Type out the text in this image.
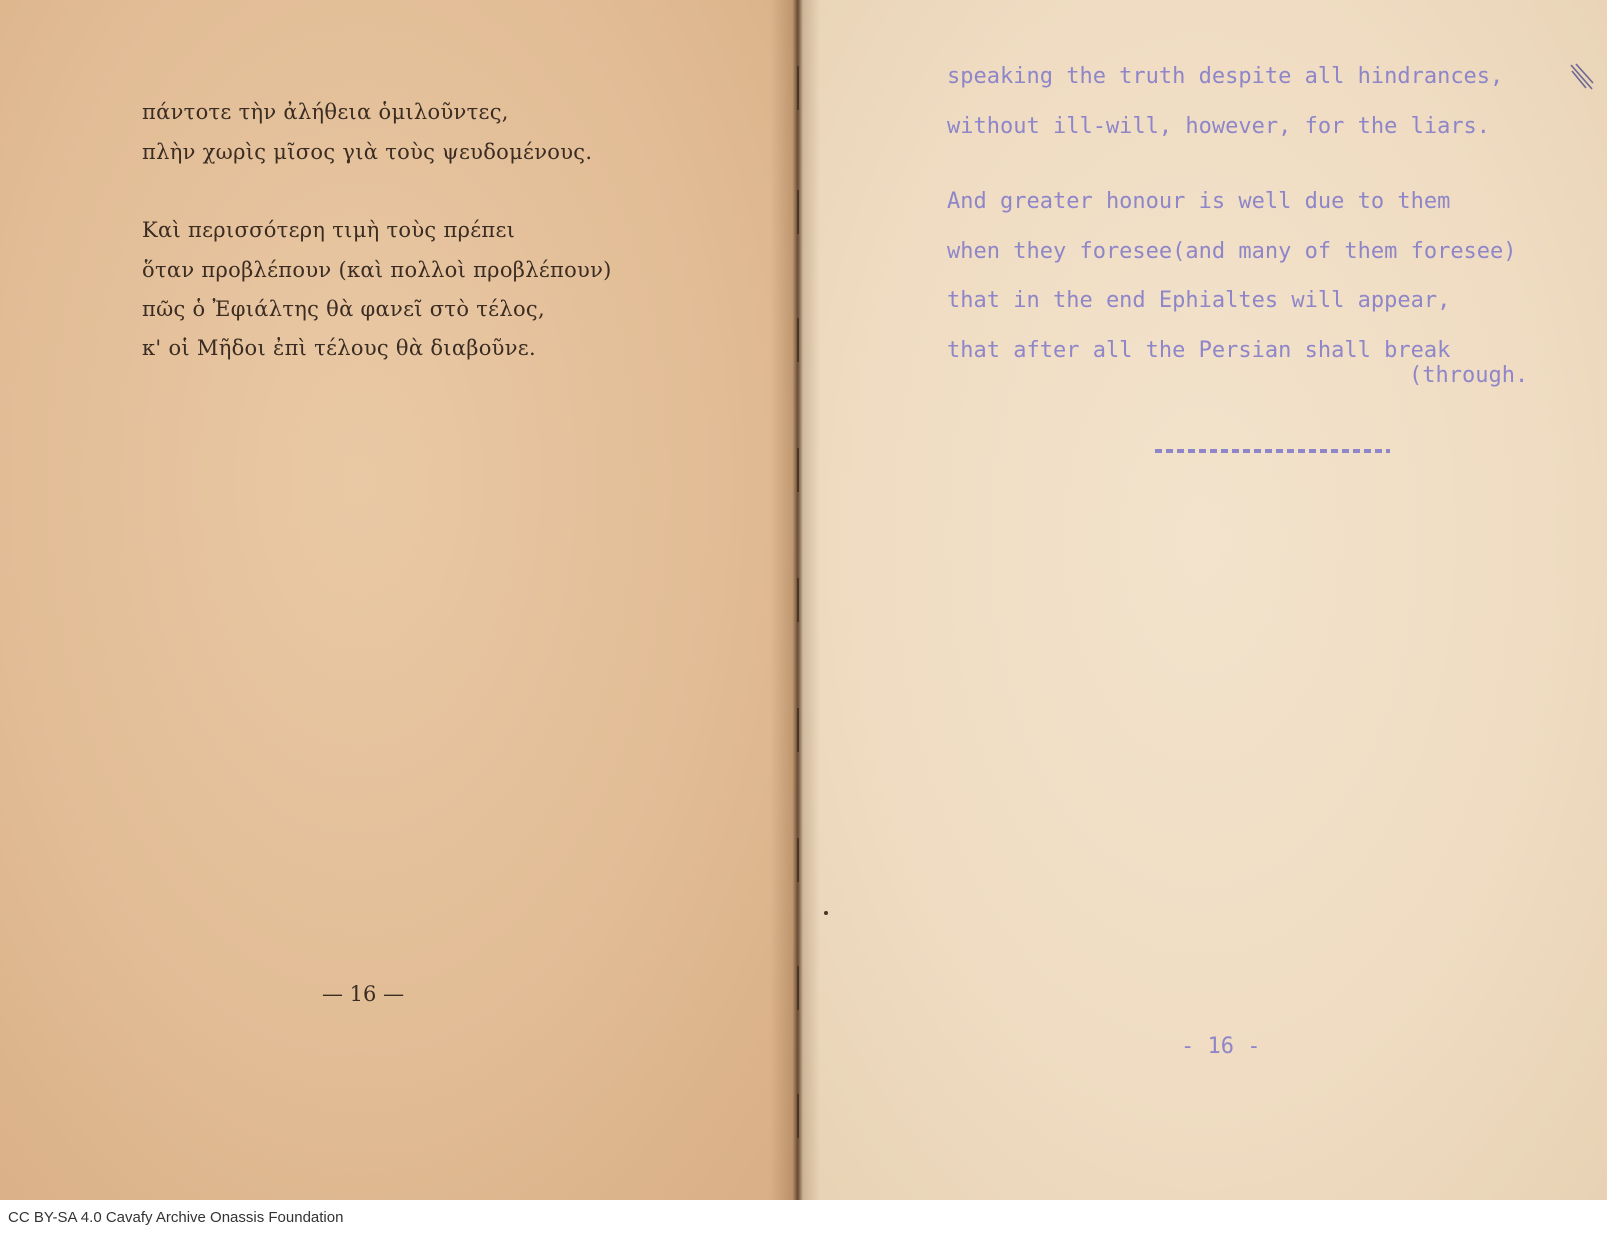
πάντοτε τὴν ἀλήθεια ὁμιλοῦντες,
πλὴν χωρὶς μῖσος γιὰ τοὺς ψευδομένους.
Καὶ περισσότερη τιμὴ τοὺς πρέπει
ὅταν προβλέπουν (καὶ πολλοὶ προβλέπουν)
πῶς ὁ Ἐφιάλτης θὰ φανεῖ στὸ τέλος,
κ' οἱ Μῆδοι ἐπὶ τέλους θὰ διαβοῦνε.
— 16 —
speaking the truth despite all hindrances,
without ill-will, however, for the liars.
And greater honour is well due to them
when they foresee(and many of them foresee)
that in the end Ephialtes will appear,
that after all the Persian shall break
(through.
- 16 -
CC BY-SA 4.0 Cavafy Archive Onassis Foundation
